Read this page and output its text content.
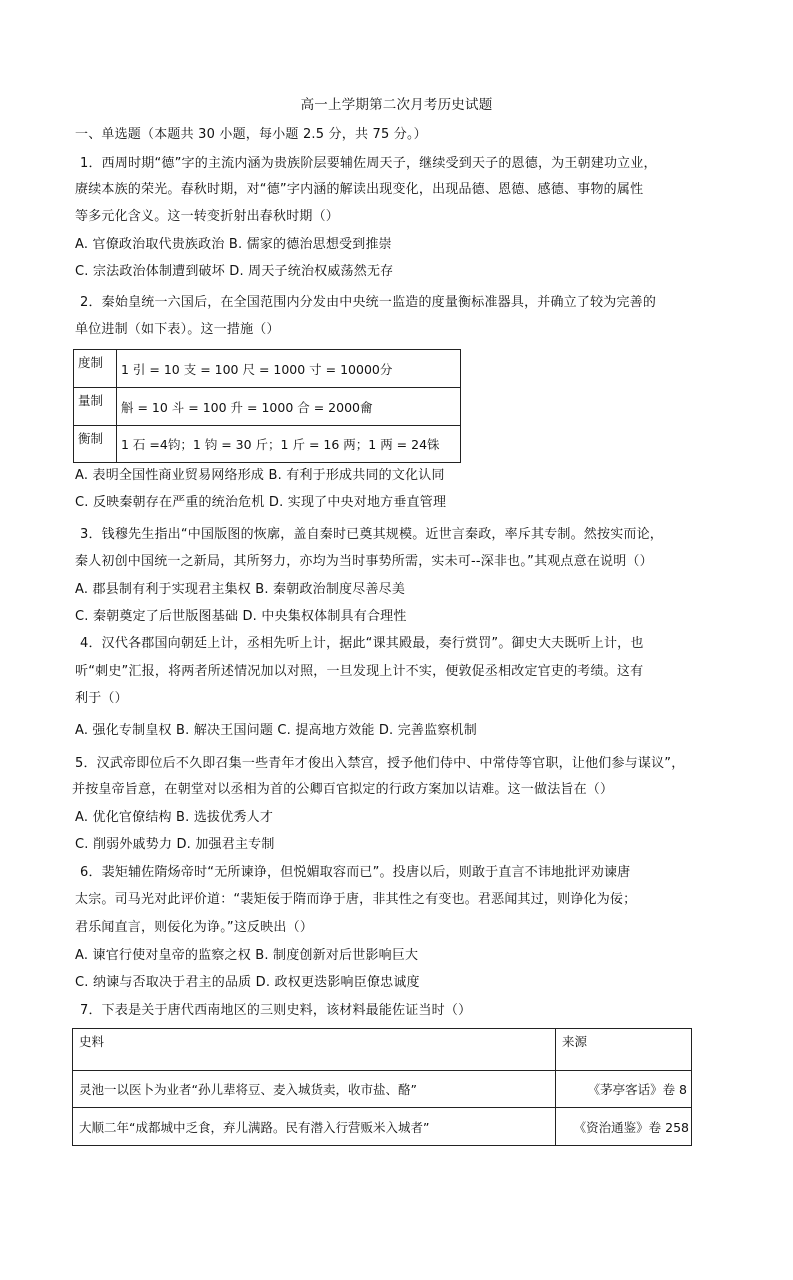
高一上学期第二次月考历史试题
一、单选题（本题共 30 小题，每小题 2.5 分，共 75 分。）
1．西周时期“德”字的主流内涵为贵族阶层要辅佐周天子，继续受到天子的恩德，为王朝建功立业，
赓续本族的荣光。春秋时期，对“德”字内涵的解读出现变化，出现品德、恩德、感德、事物的属性
等多元化含义。这一转变折射出春秋时期（）
A. 官僚政治取代贵族政治 B. 儒家的德治思想受到推崇
C. 宗法政治体制遭到破坏 D. 周天子统治权威荡然无存
2．秦始皇统一六国后，在全国范围内分发由中央统一监造的度量衡标准器具，并确立了较为完善的
单位进制（如下表）。这一措施（）
度制	1 引 = 10 支 = 100 尺 = 1000 寸 = 10000分
量制	斛 = 10 斗 = 100 升 = 1000 合 = 2000龠
衡制	1 石 =4钧；1 钧 = 30 斤；1 斤 = 16 两；1 两 = 24铢
A. 表明全国性商业贸易网络形成 B. 有利于形成共同的文化认同
C. 反映秦朝存在严重的统治危机 D. 实现了中央对地方垂直管理
3．钱穆先生指出“中国版图的恢廓，盖自秦时已奠其规模。近世言秦政，率斥其专制。然按实而论，
秦人初创中国统一之新局，其所努力，亦均为当时事势所需，实未可--深非也。”其观点意在说明（）
A. 郡县制有利于实现君主集权 B. 秦朝政治制度尽善尽美
C. 秦朝奠定了后世版图基础 D. 中央集权体制具有合理性
4．汉代各郡国向朝廷上计，丞相先听上计，据此“课其殿最，奏行赏罚”。御史大夫既听上计，也
听“刺史”汇报，将两者所述情况加以对照，一旦发现上计不实，便敦促丞相改定官吏的考绩。这有
利于（）
A. 强化专制皇权 B. 解决王国问题 C. 提高地方效能 D. 完善监察机制
5．汉武帝即位后不久即召集一些青年才俊出入禁宫，授予他们侍中、中常侍等官职，让他们参与谋议”，
并按皇帝旨意，在朝堂对以丞相为首的公卿百官拟定的行政方案加以诘难。这一做法旨在（）
A. 优化官僚结构 B. 选拔优秀人才
C. 削弱外戚势力 D. 加强君主专制
6．裴矩辅佐隋炀帝时“无所谏诤，但悦媚取容而已”。投唐以后，则敢于直言不讳地批评劝谏唐
太宗。司马光对此评价道：“裴矩佞于隋而诤于唐，非其性之有变也。君恶闻其过，则诤化为佞；
君乐闻直言，则佞化为诤。”这反映出（）
A. 谏官行使对皇帝的监察之权 B. 制度创新对后世影响巨大
C. 纳谏与否取决于君主的品质 D. 政权更迭影响臣僚忠诚度
7．下表是关于唐代西南地区的三则史料，该材料最能佐证当时（）
史料	来源
灵池一以医卜为业者“孙儿辈将豆、麦入城货卖，收市盐、酪”	《茅亭客话》卷 8
大顺二年“成都城中乏食，弃儿满路。民有潜入行营贩米入城者”	《资治通鉴》卷 258
